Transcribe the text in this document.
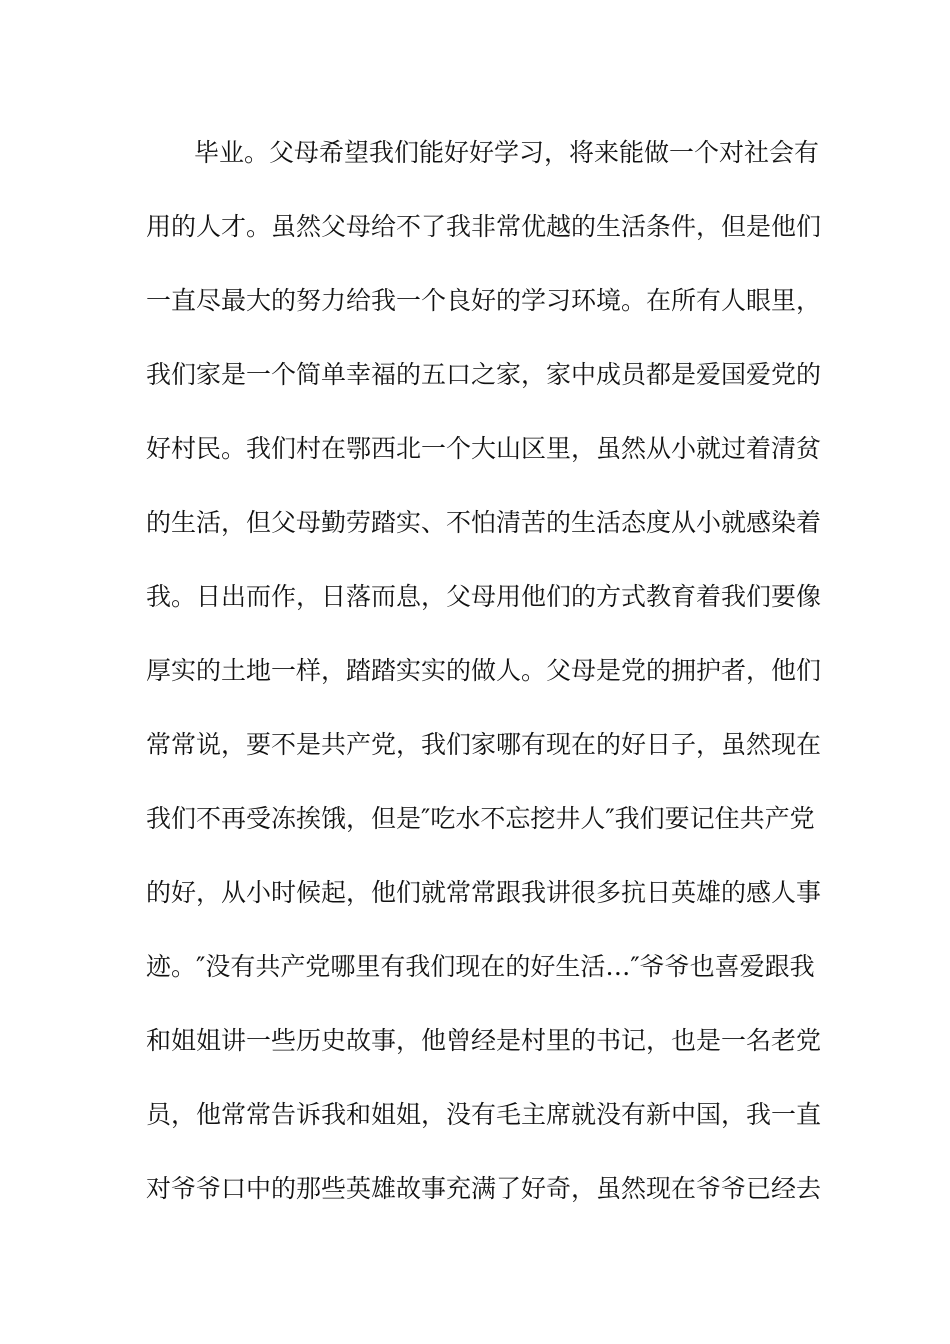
毕业。父母希望我们能好好学习，将来能做一个对社会有
用的人才。虽然父母给不了我非常优越的生活条件，但是他们
一直尽最大的努力给我一个良好的学习环境。在所有人眼里，
我们家是一个简单幸福的五口之家，家中成员都是爱国爱党的
好村民。我们村在鄂西北一个大山区里，虽然从小就过着清贫
的生活，但父母勤劳踏实、不怕清苦的生活态度从小就感染着
我。日出而作，日落而息，父母用他们的方式教育着我们要像
厚实的土地一样，踏踏实实的做人。父母是党的拥护者，他们
常常说，要不是共产党，我们家哪有现在的好日子，虽然现在
我们不再受冻挨饿，但是″吃水不忘挖井人″我们要记住共产党
的好，从小时候起，他们就常常跟我讲很多抗日英雄的感人事
迹。″没有共产党哪里有我们现在的好生活…″爷爷也喜爱跟我
和姐姐讲一些历史故事，他曾经是村里的书记，也是一名老党
员，他常常告诉我和姐姐，没有毛主席就没有新中国，我一直
对爷爷口中的那些英雄故事充满了好奇，虽然现在爷爷已经去
